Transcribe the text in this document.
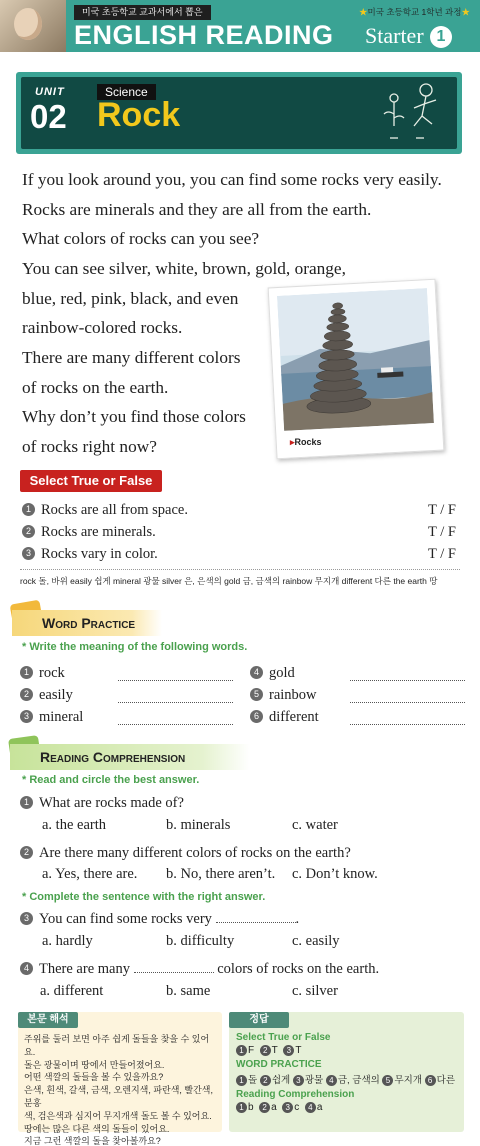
미국 초등학교 교과서에서 뽑은	★미국 초등학교 1학년 과정★
ENGLISH READING Starter 1
UNIT
02
Science
Rock
If you look around you, you can find some rocks very easily.
Rocks are minerals and they are all from the earth.
What colors of rocks can you see?
You can see silver, white, brown, gold, orange,
blue, red, pink, black, and even
rainbow-colored rocks.
There are many different colors
of rocks on the earth.
Why don’t you find those colors
of rocks right now?	▸Rocks
Select True or False
1 Rocks are all from space.	T / F
2 Rocks are minerals.	T / F
3 Rocks vary in color.	T / F
rock 돌, 바위 easily 쉽게 mineral 광물 silver 은, 은색의 gold 금, 금색의 rainbow 무지개 different 다른 the earth 땅
Word Practice
* Write the meaning of the following words.
1 rock
2 easily
3 mineral
4 gold
5 rainbow
6 different
Reading Comprehension
* Read and circle the best answer.
1 What are rocks made of?
a. the earth	b. minerals	c. water
2 Are there many different colors of rocks on the earth?
a. Yes, there are. b. No, there aren’t. c. Don’t know.
* Complete the sentence with the right answer.
3 You can find some rocks very	.
a. hardly	b. difficulty	c. easily
4 There are many	colors of rocks on the earth.
a. different	b. same	c. silver
본문 해석
주위를 둘러 보면 아주 쉽게 돌들을 찾을 수 있어요.
돌은 광물이며 땅에서 만들어졌어요.
어떤 색깔의 돌들을 볼 수 있을까요?
은색, 흰색, 갈색, 금색, 오렌지색, 파란색, 빨간색, 분홍
색, 검은색과 심지어 무지개색 돌도 볼 수 있어요.
땅에는 많은 다른 색의 돌들이 있어요.
지금 그런 색깔의 돌을 찾아볼까요?
정답
Select True or False
1 F 2 T 3 T
WORD PRACTICE
1 돌 2 쉽게 3 광물 4 금, 금색의 5 무지개 6 다른
Reading Comprehension
1 b 2 a 3 c 4 a
